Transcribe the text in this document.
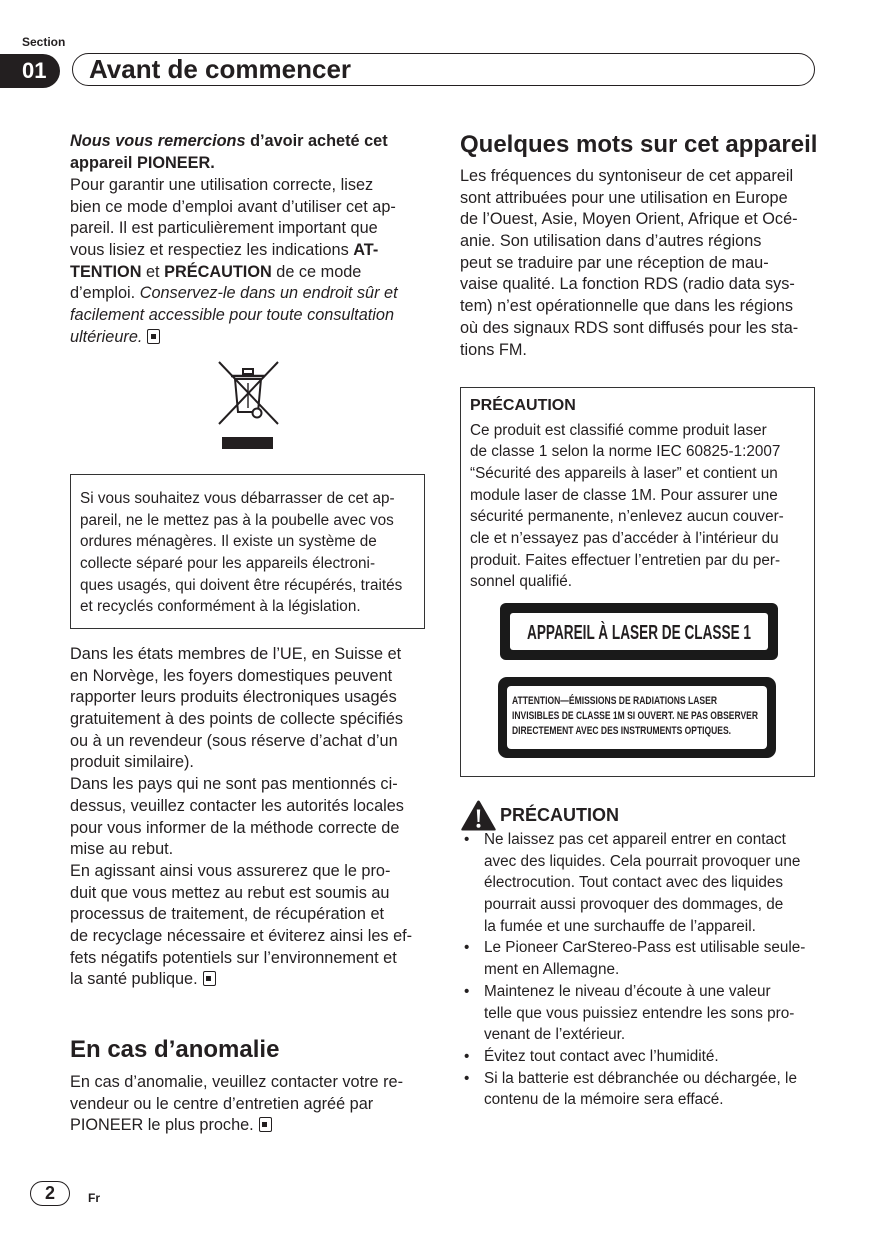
Section
01	Avant de commencer
Nous vous remercions d’avoir acheté cet
appareil PIONEER.
Pour garantir une utilisation correcte, lisez
bien ce mode d’emploi avant d’utiliser cet ap-
pareil. Il est particulièrement important que
vous lisiez et respectiez les indications AT-
TENTION et PRÉCAUTION de ce mode
d’emploi. Conservez-le dans un endroit sûr et
facilement accessible pour toute consultation
ultérieure.
Si vous souhaitez vous débarrasser de cet ap-
pareil, ne le mettez pas à la poubelle avec vos
ordures ménagères. Il existe un système de
collecte séparé pour les appareils électroni-
ques usagés, qui doivent être récupérés, traités
et recyclés conformément à la législation.
Dans les états membres de l’UE, en Suisse et
en Norvège, les foyers domestiques peuvent
rapporter leurs produits électroniques usagés
gratuitement à des points de collecte spécifiés
ou à un revendeur (sous réserve d’achat d’un
produit similaire).
Dans les pays qui ne sont pas mentionnés ci-
dessus, veuillez contacter les autorités locales
pour vous informer de la méthode correcte de
mise au rebut.
En agissant ainsi vous assurerez que le pro-
duit que vous mettez au rebut est soumis au
processus de traitement, de récupération et
de recyclage nécessaire et éviterez ainsi les ef-
fets négatifs potentiels sur l’environnement et
la santé publique.
En cas d’anomalie
En cas d’anomalie, veuillez contacter votre re-
vendeur ou le centre d’entretien agréé par
PIONEER le plus proche.
Quelques mots sur cet appareil
Les fréquences du syntoniseur de cet appareil
sont attribuées pour une utilisation en Europe
de l’Ouest, Asie, Moyen Orient, Afrique et Océ-
anie. Son utilisation dans d’autres régions
peut se traduire par une réception de mau-
vaise qualité. La fonction RDS (radio data sys-
tem) n’est opérationnelle que dans les régions
où des signaux RDS sont diffusés pour les sta-
tions FM.
PRÉCAUTION
Ce produit est classifié comme produit laser
de classe 1 selon la norme IEC 60825-1:2007
“Sécurité des appareils à laser” et contient un
module laser de classe 1M. Pour assurer une
sécurité permanente, n’enlevez aucun couver-
cle et n’essayez pas d’accéder à l’intérieur du
produit. Faites effectuer l’entretien par du per-
sonnel qualifié.
APPAREIL À LASER DE CLASSE 1
ATTENTION—ÉMISSIONS DE RADIATIONS LASER
INVISIBLES DE CLASSE 1M SI OUVERT. NE PAS OBSERVER
DIRECTEMENT AVEC DES INSTRUMENTS OPTIQUES.
PRÉCAUTION
• Ne laissez pas cet appareil entrer en contact
avec des liquides. Cela pourrait provoquer une
électrocution. Tout contact avec des liquides
pourrait aussi provoquer des dommages, de
la fumée et une surchauffe de l’appareil.
• Le Pioneer CarStereo-Pass est utilisable seule-
ment en Allemagne.
• Maintenez le niveau d’écoute à une valeur
telle que vous puissiez entendre les sons pro-
venant de l’extérieur.
• Évitez tout contact avec l’humidité.
• Si la batterie est débranchée ou déchargée, le
contenu de la mémoire sera effacé.
2	Fr
